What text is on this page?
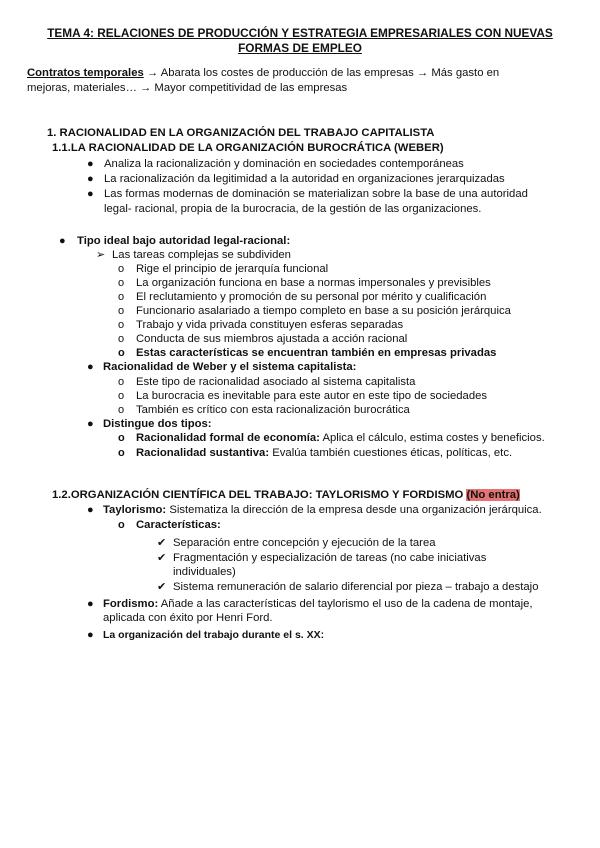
TEMA 4: RELACIONES DE PRODUCCIÓN Y ESTRATEGIA EMPRESARIALES CON NUEVAS
FORMAS DE EMPLEO
Contratos temporales → Abarata los costes de producción de las empresas → Más gasto en
mejoras, materiales… → Mayor competitividad de las empresas
1. RACIONALIDAD EN LA ORGANIZACIÓN DEL TRABAJO CAPITALISTA
1.1.LA RACIONALIDAD DE LA ORGANIZACIÓN BUROCRÁTICA (WEBER)
● Analiza la racionalización y dominación en sociedades contemporáneas
● La racionalización da legitimidad a la autoridad en organizaciones jerarquizadas
● Las formas modernas de dominación se materializan sobre la base de una autoridad
legal- racional, propia de la burocracia, de la gestión de las organizaciones.
● Tipo ideal bajo autoridad legal-racional:
➢ Las tareas complejas se subdividen
o Rige el principio de jerarquía funcional
o La organización funciona en base a normas impersonales y previsibles
o El reclutamiento y promoción de su personal por mérito y cualificación
o Funcionario asalariado a tiempo completo en base a su posición jerárquica
o Trabajo y vida privada constituyen esferas separadas
o Conducta de sus miembros ajustada a acción racional
o Estas características se encuentran también en empresas privadas
● Racionalidad de Weber y el sistema capitalista:
o Este tipo de racionalidad asociado al sistema capitalista
o La burocracia es inevitable para este autor en este tipo de sociedades
o También es crítico con esta racionalización burocrática
● Distingue dos tipos:
o Racionalidad formal de economía: Aplica el cálculo, estima costes y beneficios.
o Racionalidad sustantiva: Evalúa también cuestiones éticas, políticas, etc.
1.2.ORGANIZACIÓN CIENTÍFICA DEL TRABAJO: TAYLORISMO Y FORDISMO (No entra)
● Taylorismo: Sistematiza la dirección de la empresa desde una organización jerárquica.
o Características:
✔ Separación entre concepción y ejecución de la tarea
✔ Fragmentación y especialización de tareas (no cabe iniciativas
individuales)
✔ Sistema remuneración de salario diferencial por pieza – trabajo a destajo
● Fordismo: Añade a las características del taylorismo el uso de la cadena de montaje,
aplicada con éxito por Henri Ford.
● La organización del trabajo durante el s. XX:
